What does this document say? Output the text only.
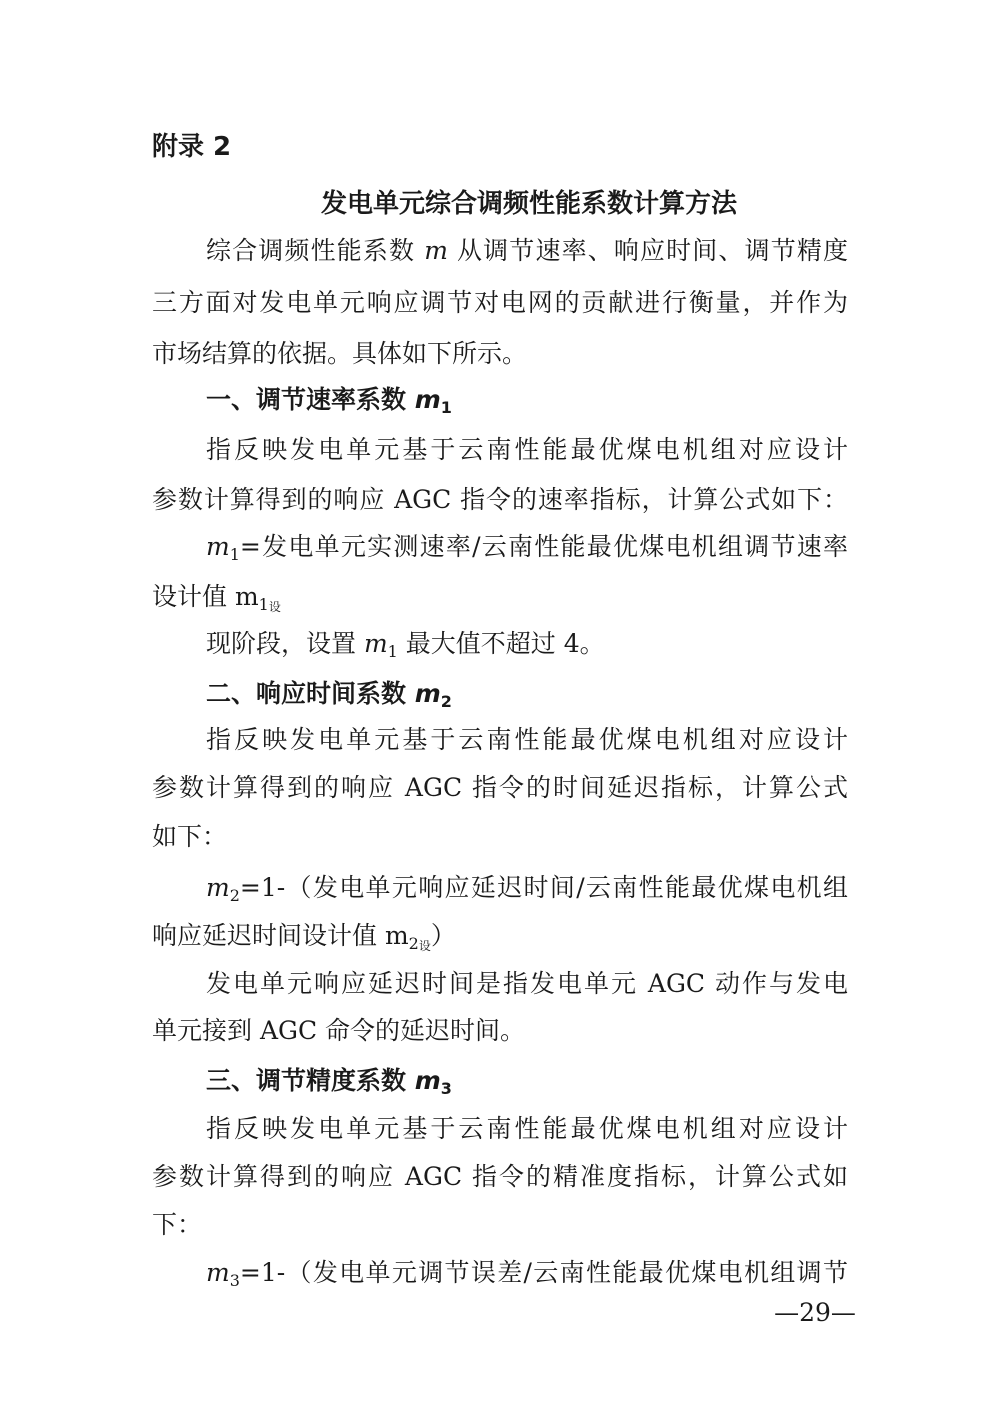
附录 2
发电单元综合调频性能系数计算方法
综合调频性能系数 m 从调节速率、响应时间、调节精度
三方面对发电单元响应调节对电网的贡献进行衡量，并作为
市场结算的依据。具体如下所示。
一、调节速率系数 $m_1$
指反映发电单元基于云南性能最优煤电机组对应设计
参数计算得到的响应 AGC 指令的速率指标，计算公式如下：
$m_1=$发电单元实测速率/云南性能最优煤电机组调节速率
设计值 $m_{1设}$
现阶段，设置 $m_1$ 最大值不超过 4。
二、响应时间系数 $m_2$
指反映发电单元基于云南性能最优煤电机组对应设计
参数计算得到的响应 AGC 指令的时间延迟指标，计算公式
如下：
$m_2=1-$（发电单元响应延迟时间/云南性能最优煤电机组
响应延迟时间设计值 $m_{2设}$）
发电单元响应延迟时间是指发电单元 AGC 动作与发电
单元接到 AGC 命令的延迟时间。
三、调节精度系数 $m_3$
指反映发电单元基于云南性能最优煤电机组对应设计
参数计算得到的响应 AGC 指令的精准度指标，计算公式如
下：
$m_3=1-$（发电单元调节误差/云南性能最优煤电机组调节
—29—
